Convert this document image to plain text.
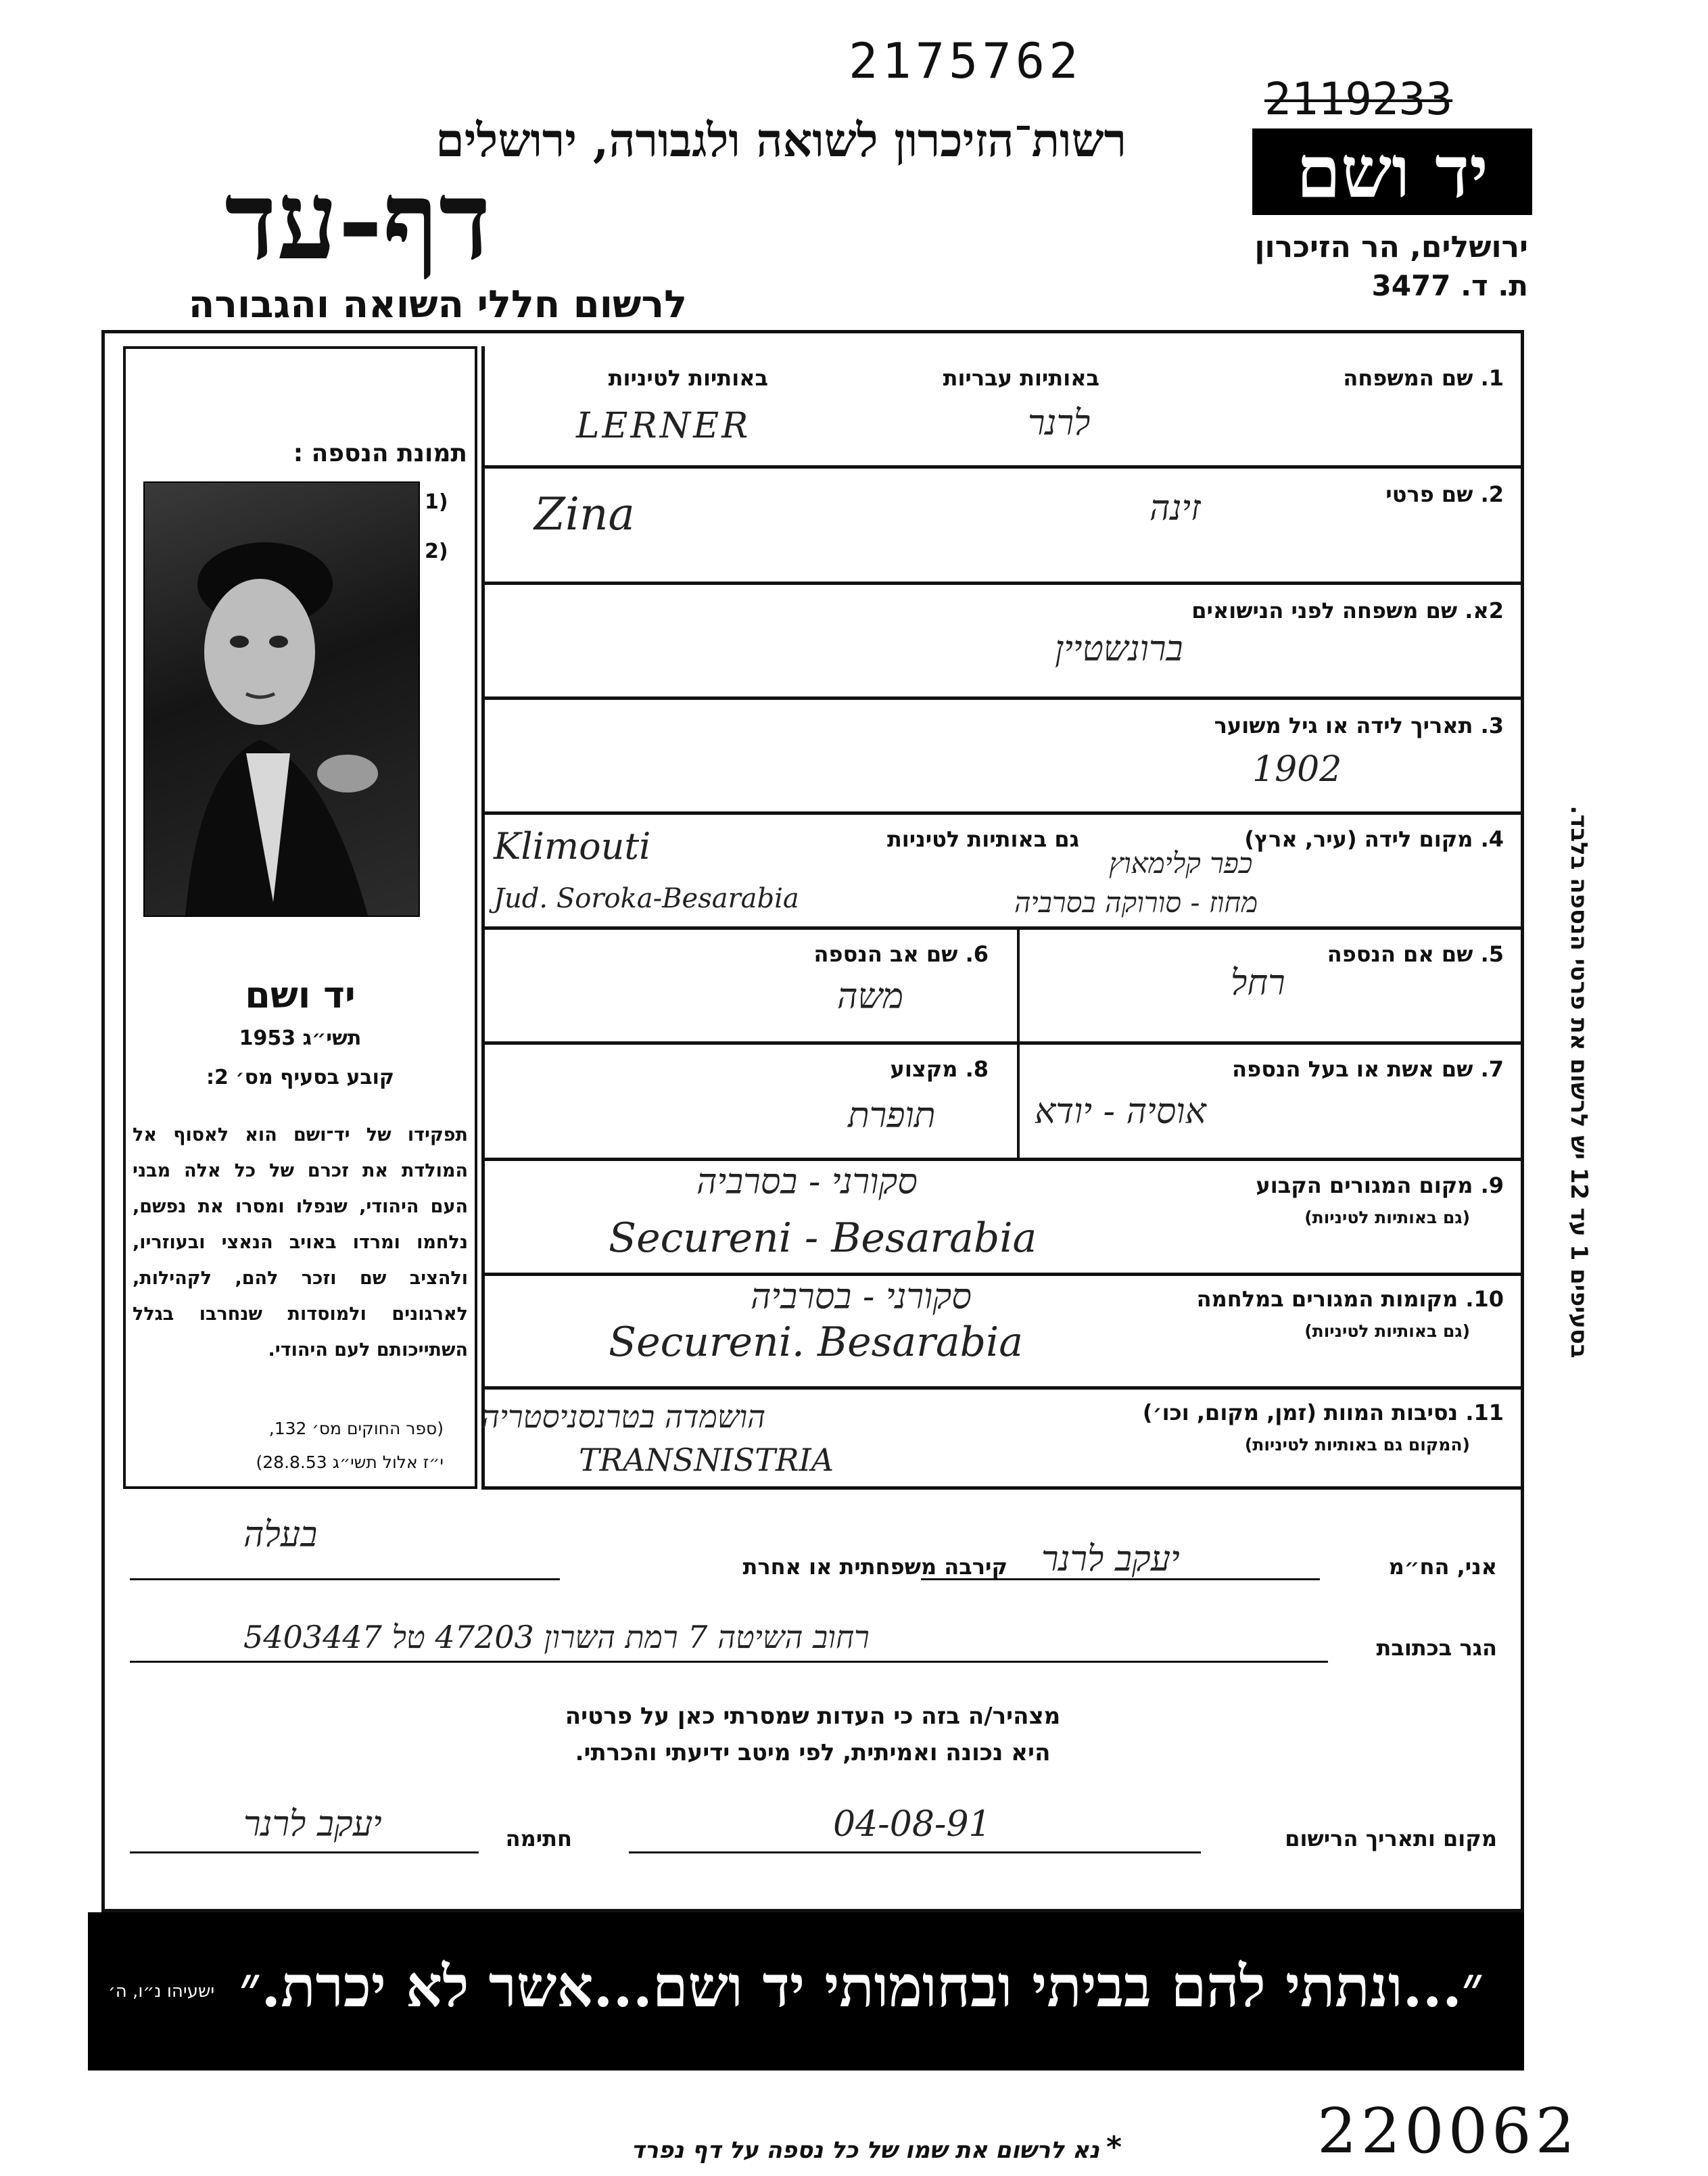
2175762
2119233
יד ושם
ירושלים, הר הזיכרון
ת. ד. 3477
רשות־הזיכרון לשואה ולגבורה, ירושלים
דף-עד
לרשום חללי השואה והגבורה
בסעיפים 1 עד 12 יש לרשום את פרטי הנספה בלבד.
תמונת הנספה :
1)
2)
יד ושם
תשי״ג 1953
קובע בסעיף מס׳ 2:
תפקידו של יד־ושם הוא לאסוף אל המולדת את זכרם של כל אלה מבני העם היהודי, שנפלו ומסרו את נפשם, נלחמו ומרדו באויב הנאצי ובעוזריו, ולהציב שם וזכר להם, לקהילות, לארגונים ולמוסדות שנחרבו בגלל השתייכותם לעם היהודי.
(ספר החוקים מס׳ 132,
י״ז אלול תשי״ג 28.8.53)
1. שם המשפחה
באותיות עבריות
באותיות לטיניות
לרנר
LERNER
2. שם פרטי
זינה
Zina
2א. שם משפחה לפני הנישואים
ברונשטיין
3. תאריך לידה או גיל משוער
1902
4. מקום לידה (עיר, ארץ)
גם באותיות לטיניות
כפר קלימאוץ
מחוז - סורוקה בסרביה
Klimouti
Jud. Soroka-Besarabia
5. שם אם הנספה
רחל
6. שם אב הנספה
משה
7. שם אשת או בעל הנספה
אוסיה - יודא
8. מקצוע
תופרת
9. מקום המגורים הקבוע
(גם באותיות לטיניות)
סקורני - בסרביה
Secureni - Besarabia
10. מקומות המגורים במלחמה
(גם באותיות לטיניות)
סקורני - בסרביה
Secureni. Besarabia
11. נסיבות המוות (זמן, מקום, וכו׳)
(המקום גם באותיות לטיניות)
הושמדה בטרנסניסטריה
TRANSNISTRIA
אני, הח״מ
יעקב לרנר
קירבה משפחתית או אחרת
בעלה
הגר בכתובת
רחוב השיטה 7 רמת השרון 47203 טל 5403447
מצהיר/ה בזה כי העדות שמסרתי כאן על פרטיה
היא נכונה ואמיתית, לפי מיטב ידיעתי והכרתי.
מקום ותאריך הרישום
04-08-91
חתימה
יעקב לרנר
״...ונתתי להם בביתי ובחומותי יד ושם...אשר לא יכרת.״
ישעיהו נ״ו, ה׳
נא לרשום את שמו של כל נספה על דף נפרד *	220062
